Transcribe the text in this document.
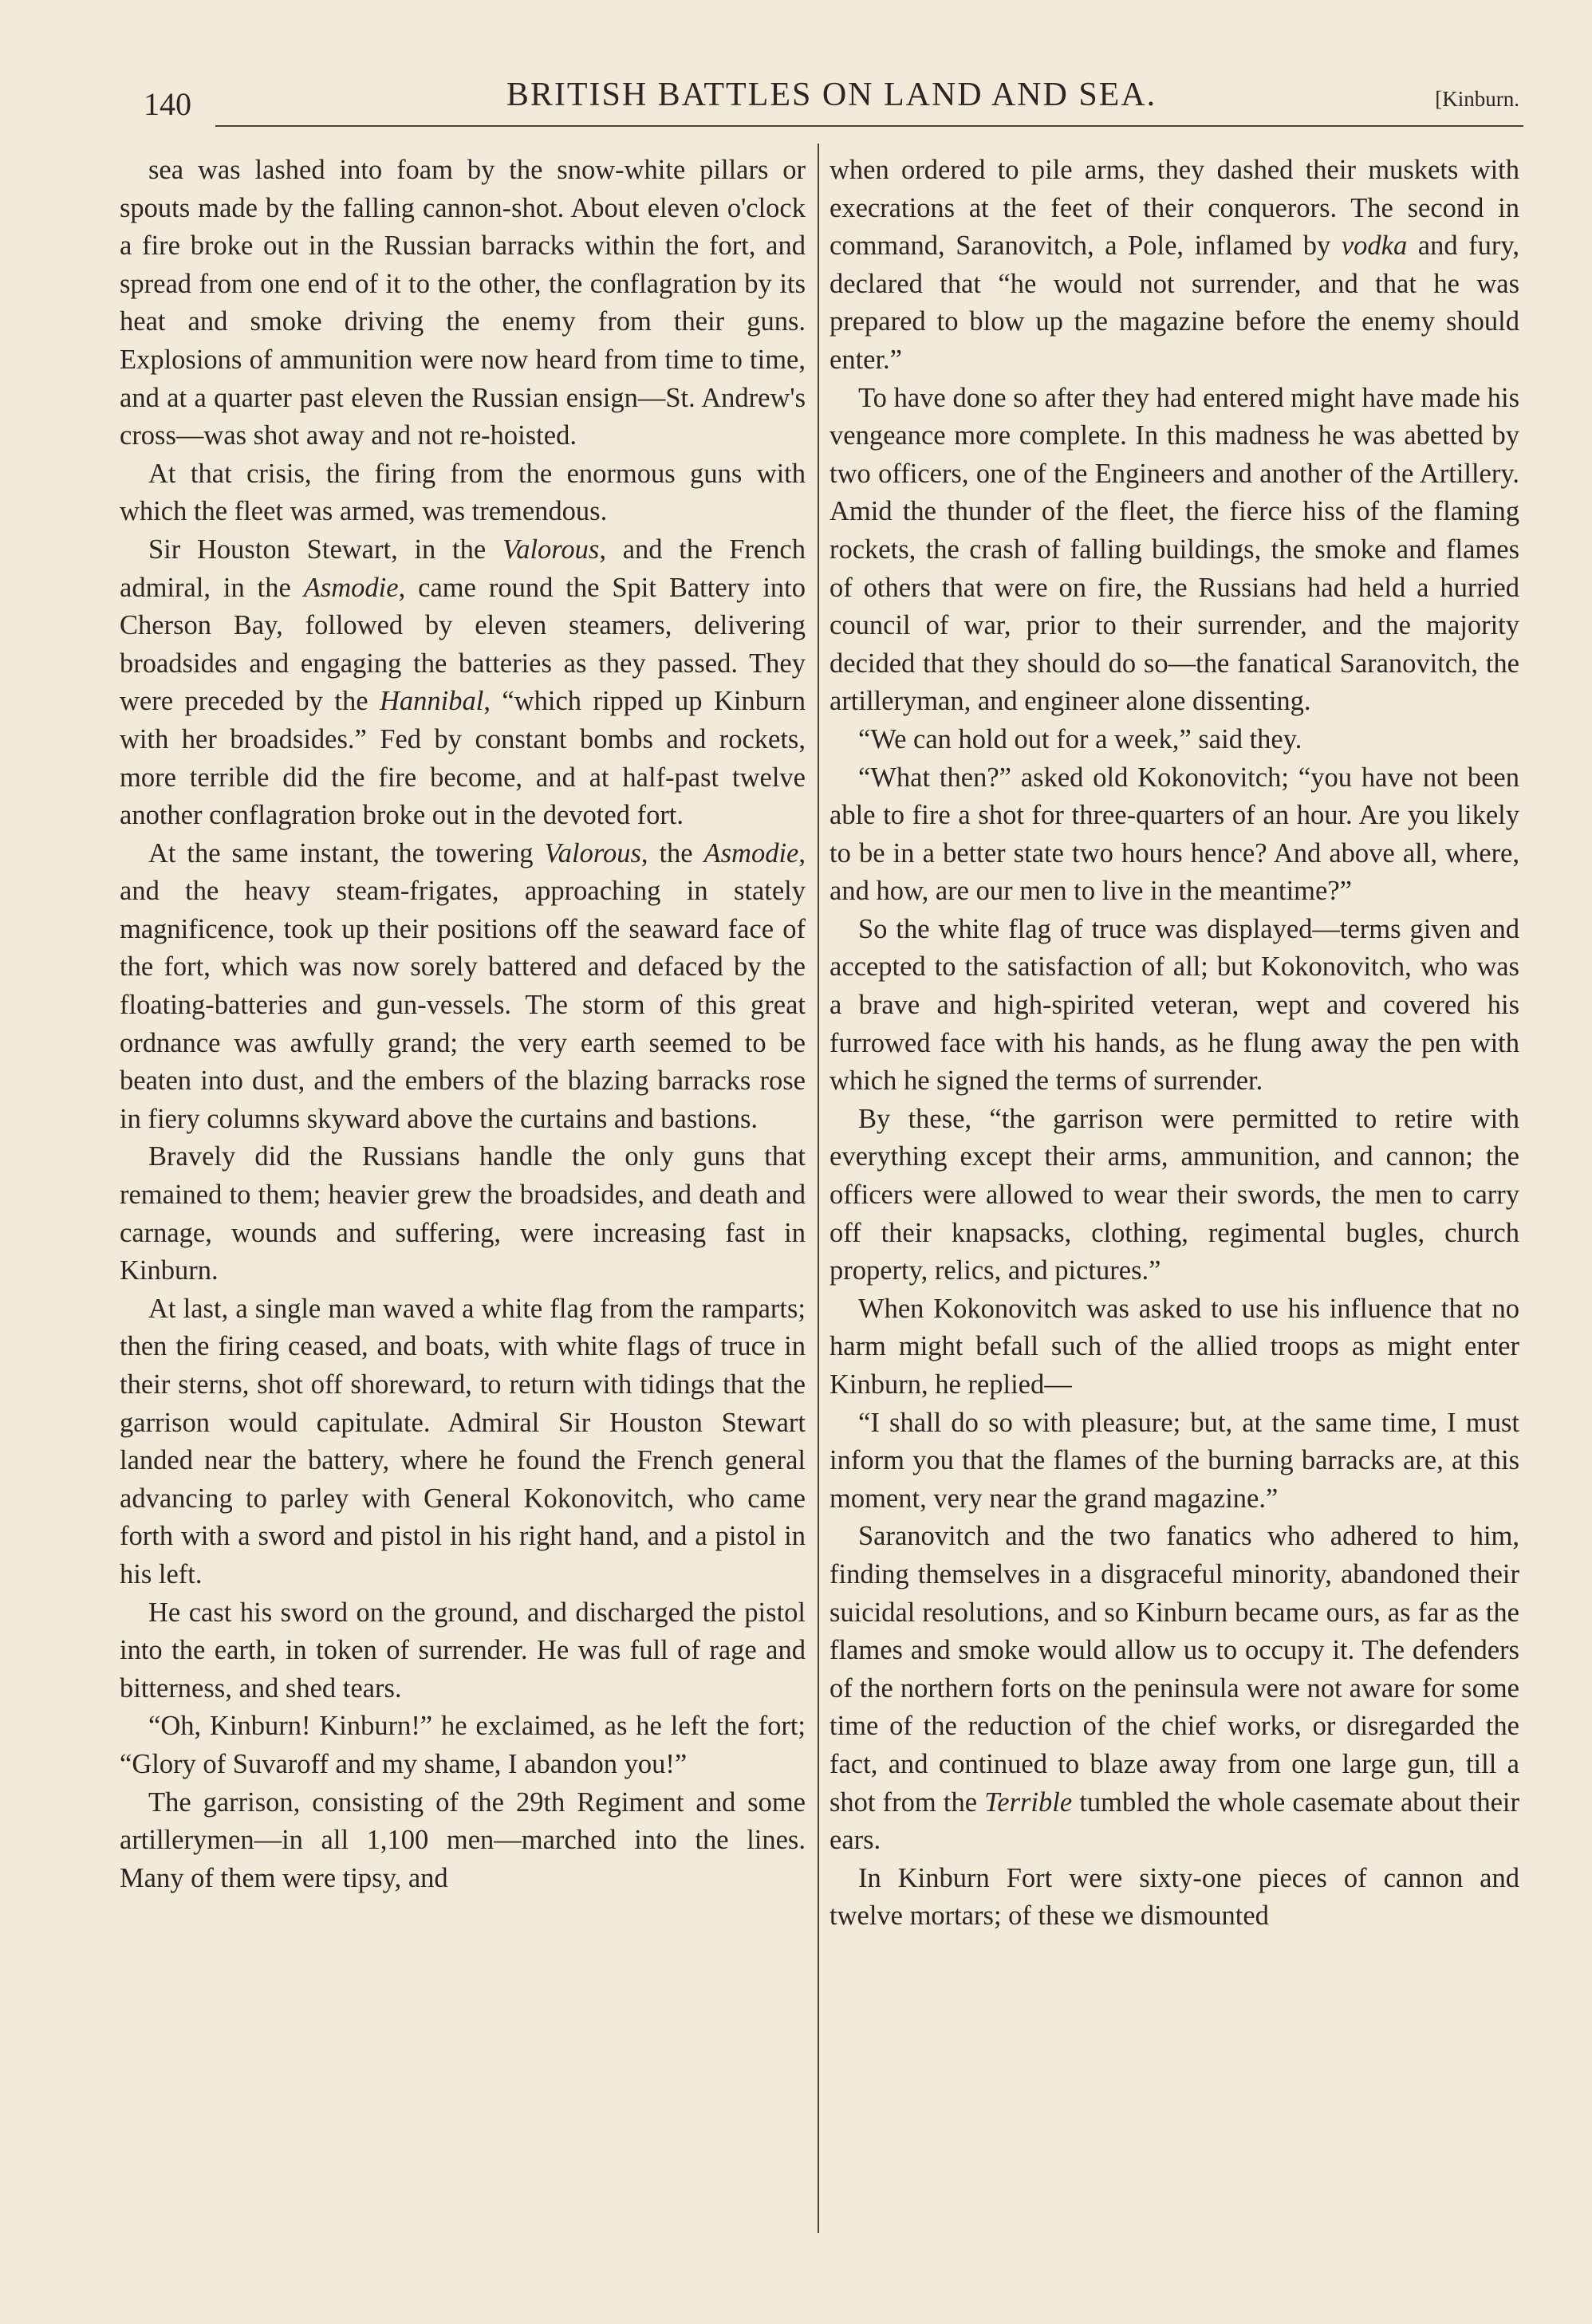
140	BRITISH BATTLES ON LAND AND SEA.	[Kinburn.

sea was lashed into foam by the snow-white pillars or spouts made by the falling cannon-shot. About eleven o'clock a fire broke out in the Russian barracks within the fort, and spread from one end of it to the other, the conflagration by its heat and smoke driving the enemy from their guns. Explosions of ammunition were now heard from time to time, and at a quarter past eleven the Russian ensign—St. Andrew's cross—was shot away and not re-hoisted.

At that crisis, the firing from the enormous guns with which the fleet was armed, was tremendous.

Sir Houston Stewart, in the Valorous, and the French admiral, in the Asmodie, came round the Spit Battery into Cherson Bay, followed by eleven steamers, delivering broadsides and engaging the batteries as they passed. They were preceded by the Hannibal, “which ripped up Kinburn with her broadsides.” Fed by constant bombs and rockets, more terrible did the fire become, and at half-past twelve another conflagration broke out in the devoted fort.

At the same instant, the towering Valorous, the Asmodie, and the heavy steam-frigates, approaching in stately magnificence, took up their positions off the seaward face of the fort, which was now sorely battered and defaced by the floating-batteries and gun-vessels. The storm of this great ordnance was awfully grand; the very earth seemed to be beaten into dust, and the embers of the blazing barracks rose in fiery columns skyward above the curtains and bastions.

Bravely did the Russians handle the only guns that remained to them; heavier grew the broadsides, and death and carnage, wounds and suffering, were increasing fast in Kinburn.

At last, a single man waved a white flag from the ramparts; then the firing ceased, and boats, with white flags of truce in their sterns, shot off shoreward, to return with tidings that the garrison would capitulate. Admiral Sir Houston Stewart landed near the battery, where he found the French general advancing to parley with General Kokonovitch, who came forth with a sword and pistol in his right hand, and a pistol in his left.

He cast his sword on the ground, and discharged the pistol into the earth, in token of surrender. He was full of rage and bitterness, and shed tears.

“Oh, Kinburn! Kinburn!” he exclaimed, as he left the fort; “Glory of Suvaroff and my shame, I abandon you!”

The garrison, consisting of the 29th Regiment and some artillerymen—in all 1,100 men—marched into the lines. Many of them were tipsy, and

when ordered to pile arms, they dashed their muskets with execrations at the feet of their conquerors. The second in command, Saranovitch, a Pole, inflamed by vodka and fury, declared that “he would not surrender, and that he was prepared to blow up the magazine before the enemy should enter.”

To have done so after they had entered might have made his vengeance more complete. In this madness he was abetted by two officers, one of the Engineers and another of the Artillery. Amid the thunder of the fleet, the fierce hiss of the flaming rockets, the crash of falling buildings, the smoke and flames of others that were on fire, the Russians had held a hurried council of war, prior to their surrender, and the majority decided that they should do so—the fanatical Saranovitch, the artilleryman, and engineer alone dissenting.

“We can hold out for a week,” said they.

“What then?” asked old Kokonovitch; “you have not been able to fire a shot for three-quarters of an hour. Are you likely to be in a better state two hours hence? And above all, where, and how, are our men to live in the meantime?”

So the white flag of truce was displayed—terms given and accepted to the satisfaction of all; but Kokonovitch, who was a brave and high-spirited veteran, wept and covered his furrowed face with his hands, as he flung away the pen with which he signed the terms of surrender.

By these, “the garrison were permitted to retire with everything except their arms, ammunition, and cannon; the officers were allowed to wear their swords, the men to carry off their knapsacks, clothing, regimental bugles, church property, relics, and pictures.”

When Kokonovitch was asked to use his influence that no harm might befall such of the allied troops as might enter Kinburn, he replied—

“I shall do so with pleasure; but, at the same time, I must inform you that the flames of the burning barracks are, at this moment, very near the grand magazine.”

Saranovitch and the two fanatics who adhered to him, finding themselves in a disgraceful minority, abandoned their suicidal resolutions, and so Kinburn became ours, as far as the flames and smoke would allow us to occupy it. The defenders of the northern forts on the peninsula were not aware for some time of the reduction of the chief works, or disregarded the fact, and continued to blaze away from one large gun, till a shot from the Terrible tumbled the whole casemate about their ears.

In Kinburn Fort were sixty-one pieces of cannon and twelve mortars; of these we dismounted
